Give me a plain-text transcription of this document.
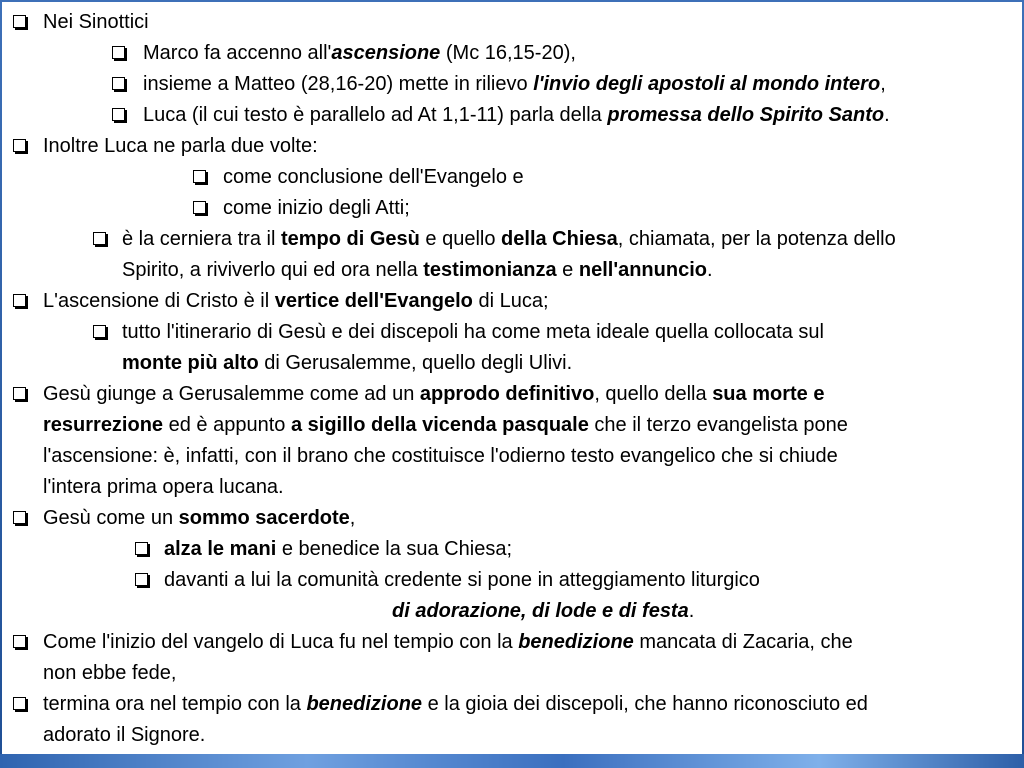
Nei Sinottici
Marco fa accenno all'ascensione (Mc 16,15-20),
insieme a Matteo (28,16-20) mette in rilievo l'invio degli apostoli al mondo intero,
Luca (il cui testo è parallelo ad At 1,1-11) parla della promessa dello Spirito Santo.
Inoltre Luca ne parla due volte:
come conclusione dell'Evangelo e
come inizio degli Atti;
è la cerniera tra il tempo di Gesù e quello della Chiesa, chiamata, per la potenza dello
Spirito, a riviverlo qui ed ora nella testimonianza e nell'annuncio.
L'ascensione di Cristo è il vertice dell'Evangelo di Luca;
tutto l'itinerario di Gesù e dei discepoli ha come meta ideale quella collocata sul
monte più alto di Gerusalemme, quello degli Ulivi.
Gesù giunge a Gerusalemme come ad un approdo definitivo, quello della sua morte e
resurrezione ed è appunto a sigillo della vicenda pasquale che il terzo evangelista pone
l'ascensione: è, infatti, con il brano che costituisce l'odierno testo evangelico che si chiude
l'intera prima opera lucana.
Gesù come un sommo sacerdote,
alza le mani e benedice la sua Chiesa;
davanti a lui la comunità credente si pone in atteggiamento liturgico
di adorazione, di lode e di festa.
Come l'inizio del vangelo di Luca fu nel tempio con la benedizione mancata di Zacaria, che
non ebbe fede,
termina ora nel tempio con la benedizione e la gioia dei discepoli, che hanno riconosciuto ed
adorato il Signore.
